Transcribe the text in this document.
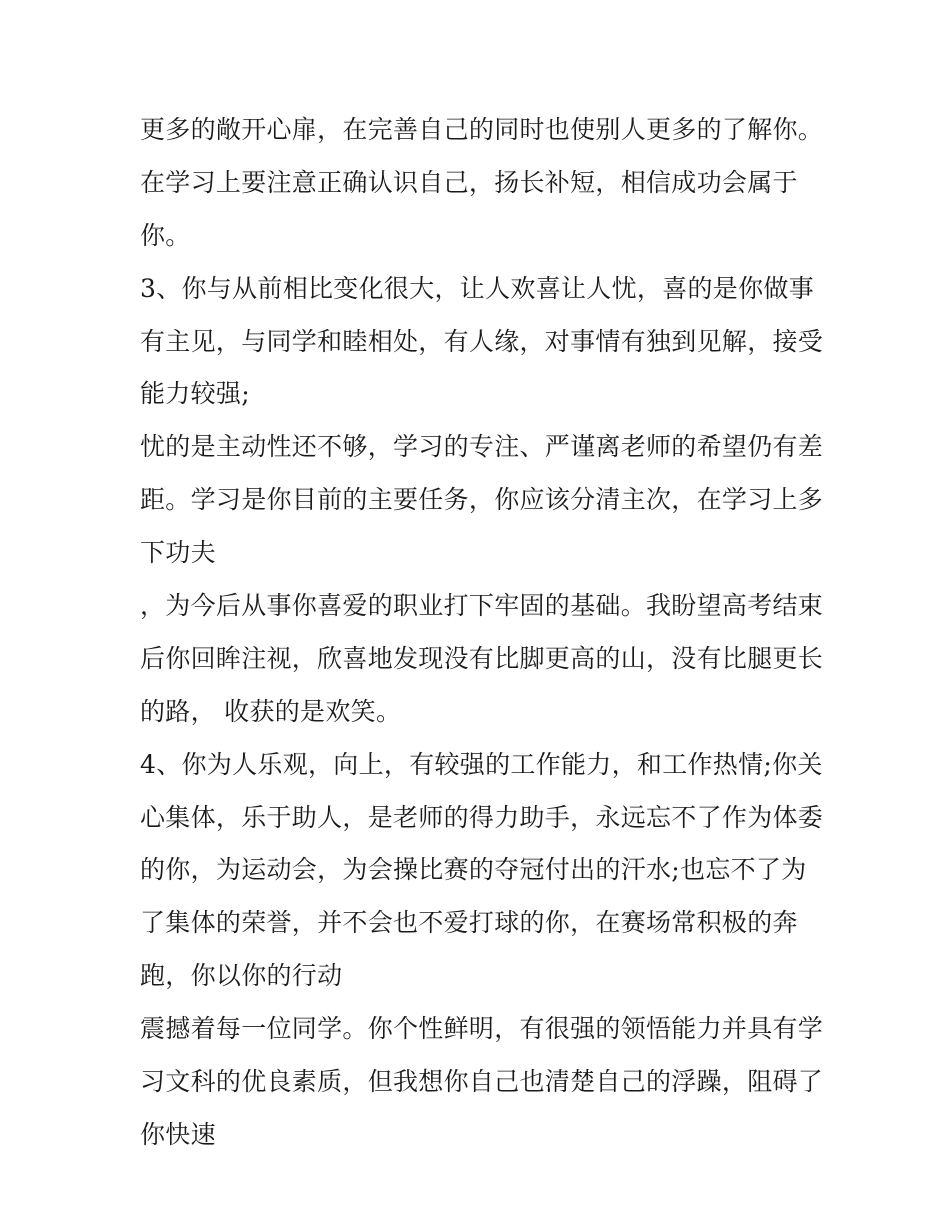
更多的敞开心扉，在完善自己的同时也使别人更多的了解你。
在学习上要注意正确认识自己，扬长补短，相信成功会属于
你。
3、你与从前相比变化很大，让人欢喜让人忧，喜的是你做事
有主见，与同学和睦相处，有人缘，对事情有独到见解，接受
能力较强;
忧的是主动性还不够，学习的专注、严谨离老师的希望仍有差
距。学习是你目前的主要任务，你应该分清主次，在学习上多
下功夫
，为今后从事你喜爱的职业打下牢固的基础。我盼望高考结束
后你回眸注视，欣喜地发现没有比脚更高的山，没有比腿更长
的路， 收获的是欢笑。
4、你为人乐观，向上，有较强的工作能力，和工作热情;你关
心集体，乐于助人，是老师的得力助手，永远忘不了作为体委
的你，为运动会，为会操比赛的夺冠付出的汗水;也忘不了为
了集体的荣誉，并不会也不爱打球的你，在赛场常积极的奔
跑，你以你的行动
震撼着每一位同学。你个性鲜明，有很强的领悟能力并具有学
习文科的优良素质，但我想你自己也清楚自己的浮躁，阻碍了
你快速
